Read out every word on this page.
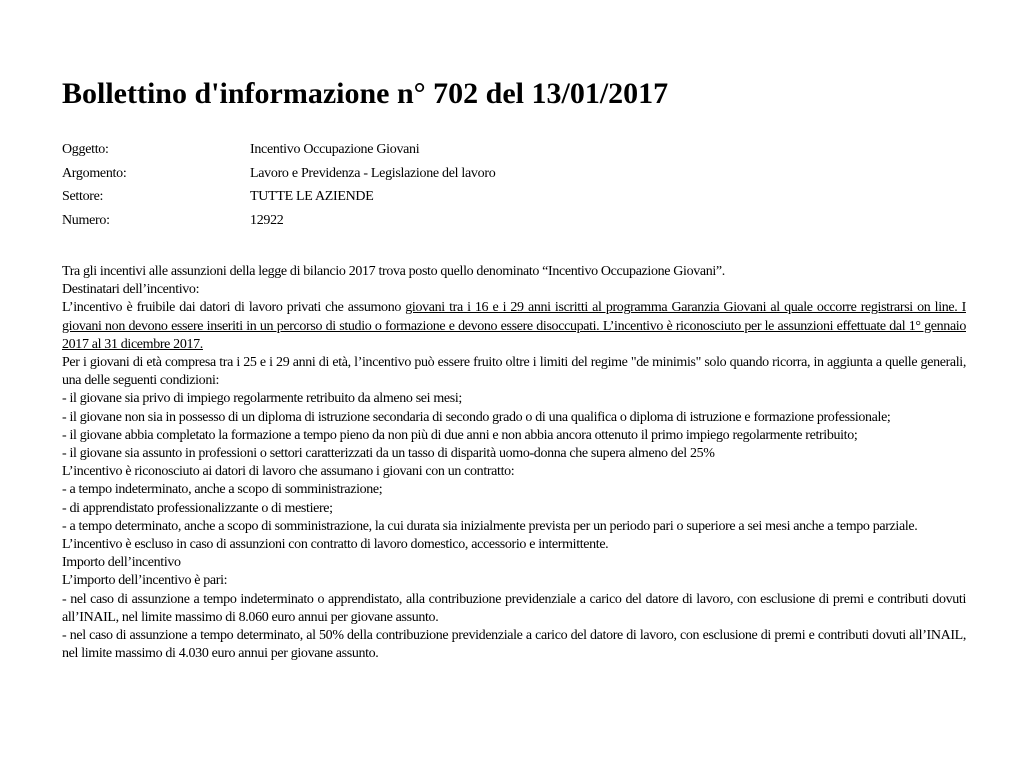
Bollettino d'informazione n° 702 del 13/01/2017
Oggetto:	Incentivo Occupazione Giovani
Argomento:	Lavoro e Previdenza - Legislazione del lavoro
Settore:	TUTTE LE AZIENDE
Numero:	12922

Tra gli incentivi alle assunzioni della legge di bilancio 2017 trova posto quello denominato “Incentivo Occupazione Giovani”.

Destinatari dell’incentivo:

L’incentivo è fruibile dai datori di lavoro privati che assumono giovani tra i 16 e i 29 anni iscritti al programma Garanzia Giovani al quale occorre registrarsi on line. I giovani non devono essere inseriti in un percorso di studio o formazione e devono essere disoccupati. L’incentivo è riconosciuto per le assunzioni effettuate dal 1° gennaio 2017 al 31 dicembre 2017.

Per i giovani di età compresa tra i 25 e i 29 anni di età, l’incentivo può essere fruito oltre i limiti del regime "de minimis" solo quando ricorra, in aggiunta a quelle generali, una delle seguenti condizioni:

- il giovane sia privo di impiego regolarmente retribuito da almeno sei mesi;

- il giovane non sia in possesso di un diploma di istruzione secondaria di secondo grado o di una qualifica o diploma di istruzione e formazione professionale;

- il giovane abbia completato la formazione a tempo pieno da non più di due anni e non abbia ancora ottenuto il primo impiego regolarmente retribuito;

- il giovane sia assunto in professioni o settori caratterizzati da un tasso di disparità uomo-donna che supera almeno del 25%

L’incentivo è riconosciuto ai datori di lavoro che assumano i giovani con un contratto:

- a tempo indeterminato, anche a scopo di somministrazione;

- di apprendistato professionalizzante o di mestiere;

- a tempo determinato, anche a scopo di somministrazione, la cui durata sia inizialmente prevista per un periodo pari o superiore a sei mesi anche a tempo parziale.

L’incentivo è escluso in caso di assunzioni con contratto di lavoro domestico, accessorio e intermittente.

Importo dell’incentivo

L’importo dell’incentivo è pari:

- nel caso di assunzione a tempo indeterminato o apprendistato, alla contribuzione previdenziale a carico del datore di lavoro, con esclusione di premi e contributi dovuti all’INAIL, nel limite massimo di 8.060 euro annui per giovane assunto.

- nel caso di assunzione a tempo determinato, al 50% della contribuzione previdenziale a carico del datore di lavoro, con esclusione di premi e contributi dovuti all’INAIL, nel limite massimo di 4.030 euro annui per giovane assunto.
